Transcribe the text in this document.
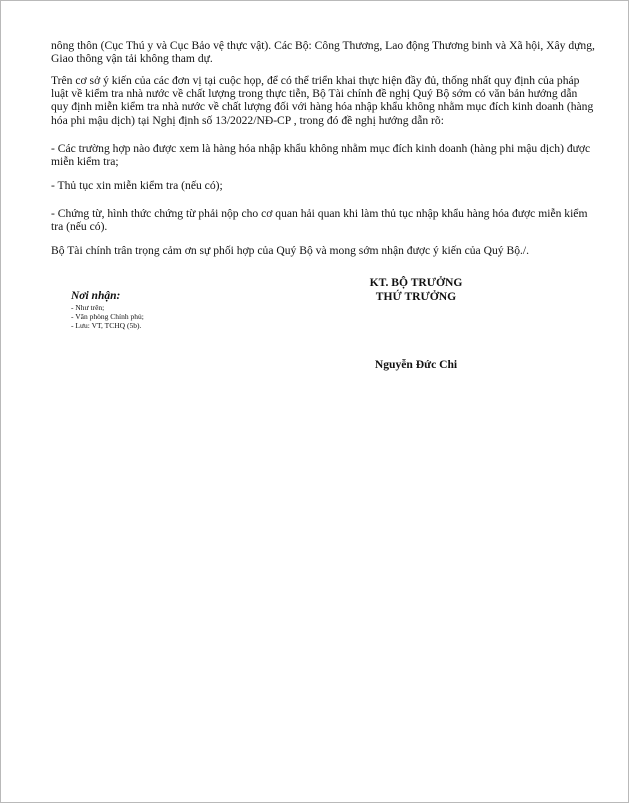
nông thôn (Cục Thú y và Cục Bảo vệ thực vật). Các Bộ: Công Thương, Lao động Thương binh và Xã hội, Xây dựng, Giao thông vận tải không tham dự.

Trên cơ sở ý kiến của các đơn vị tại cuộc họp, để có thể triển khai thực hiện đầy đủ, thống nhất quy định của pháp luật về kiểm tra nhà nước về chất lượng trong thực tiễn, Bộ Tài chính đề nghị Quý Bộ sớm có văn bản hướng dẫn quy định miễn kiểm tra nhà nước về chất lượng đối với hàng hóa nhập khẩu không nhằm mục đích kinh doanh (hàng hóa phi mậu dịch) tại Nghị định số 13/2022/NĐ-CP , trong đó đề nghị hướng dẫn rõ:

- Các trường hợp nào được xem là hàng hóa nhập khẩu không nhằm mục đích kinh doanh (hàng phi mậu dịch) được miễn kiểm tra;

- Thủ tục xin miễn kiểm tra (nếu có);

- Chứng từ, hình thức chứng từ phải nộp cho cơ quan hải quan khi làm thủ tục nhập khẩu hàng hóa được miễn kiểm tra (nếu có).

Bộ Tài chính trân trọng cảm ơn sự phối hợp của Quý Bộ và mong sớm nhận được ý kiến của Quý Bộ./.

KT. BỘ TRƯỞNG
THỨ TRƯỞNG
Nguyễn Đức Chi
Nơi nhận:
- Như trên;
- Văn phòng Chính phủ;
- Lưu: VT, TCHQ (5b).
